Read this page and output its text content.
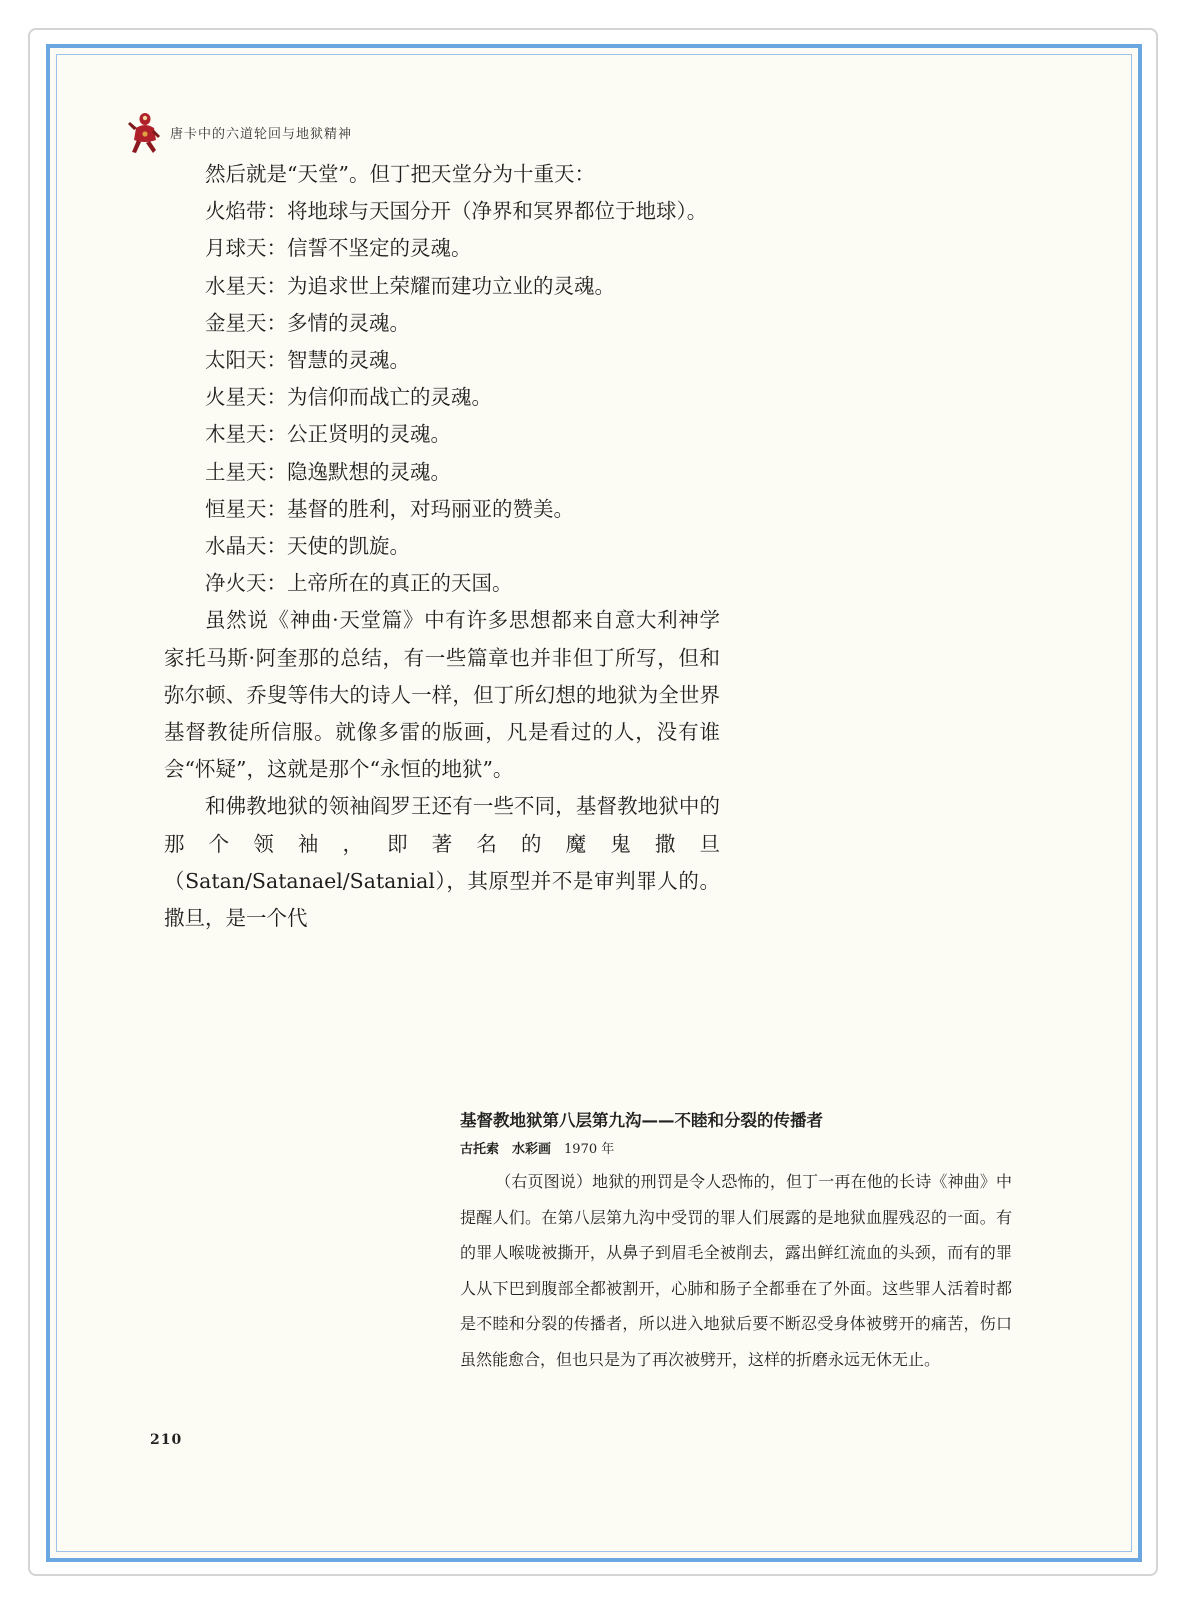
唐卡中的六道轮回与地狱精神

然后就是“天堂”。但丁把天堂分为十重天：

火焰带：将地球与天国分开（净界和冥界都位于地球）。

月球天：信誓不坚定的灵魂。

水星天：为追求世上荣耀而建功立业的灵魂。

金星天：多情的灵魂。

太阳天：智慧的灵魂。

火星天：为信仰而战亡的灵魂。

木星天：公正贤明的灵魂。

土星天：隐逸默想的灵魂。

恒星天：基督的胜利，对玛丽亚的赞美。

水晶天：天使的凯旋。

净火天：上帝所在的真正的天国。

虽然说《神曲·天堂篇》中有许多思想都来自意大利神学家托马斯·阿奎那的总结，有一些篇章也并非但丁所写，但和弥尔顿、乔叟等伟大的诗人一样，但丁所幻想的地狱为全世界基督教徒所信服。就像多雷的版画，凡是看过的人，没有谁会“怀疑”，这就是那个“永恒的地狱”。

和佛教地狱的领袖阎罗王还有一些不同，基督教地狱中的那个领袖，即著名的魔鬼撒旦（Satan/Satanael/Satanial），其原型并不是审判罪人的。撒旦，是一个代

基督教地狱第八层第九沟——不睦和分裂的传播者

古托索　水彩画　 1970 年

（右页图说）地狱的刑罚是令人恐怖的，但丁一再在他的长诗《神曲》中提醒人们。在第八层第九沟中受罚的罪人们展露的是地狱血腥残忍的一面。有的罪人喉咙被撕开，从鼻子到眉毛全被削去，露出鲜红流血的头颈，而有的罪人从下巴到腹部全都被割开，心肺和肠子全都垂在了外面。这些罪人活着时都是不睦和分裂的传播者，所以进入地狱后要不断忍受身体被劈开的痛苦，伤口虽然能愈合，但也只是为了再次被劈开，这样的折磨永远无休无止。

210
